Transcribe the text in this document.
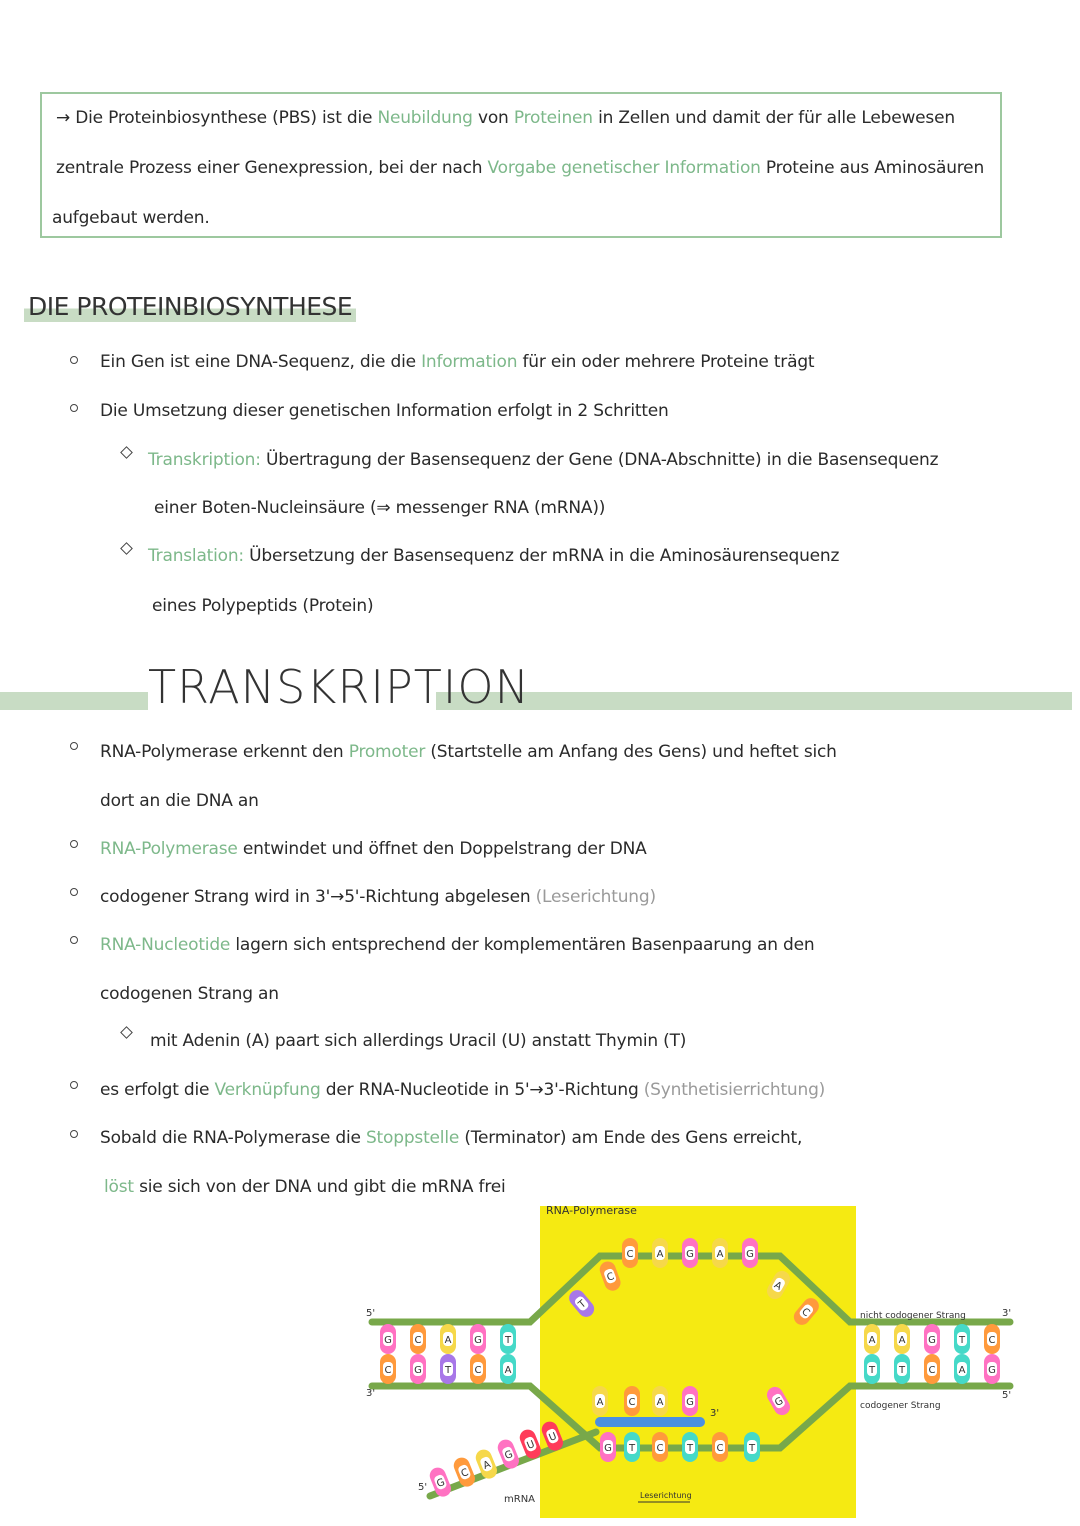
→ Die Proteinbiosynthese (PBS) ist die Neubildung von Proteinen in Zellen und damit der für alle Lebewesen
zentrale Prozess einer Genexpression, bei der nach Vorgabe genetischer Information Proteine aus Aminosäuren
aufgebaut werden.
DIE PROTEINBIOSYNTHESE
Ein Gen ist eine DNA-Sequenz, die die Information für ein oder mehrere Proteine trägt
Die Umsetzung dieser genetischen Information erfolgt in 2 Schritten
Transkription: Übertragung der Basensequenz der Gene (DNA-Abschnitte) in die Basensequenz
einer Boten-Nucleinsäure (⇒ messenger RNA (mRNA))
Translation: Übersetzung der Basensequenz der mRNA in die Aminosäurensequenz
eines Polypeptids (Protein)
TRANSKRIPTION
RNA-Polymerase erkennt den Promoter (Startstelle am Anfang des Gens) und heftet sich
dort an die DNA an
RNA-Polymerase entwindet und öffnet den Doppelstrang der DNA
codogener Strang wird in 3'→5'-Richtung abgelesen (Leserichtung)
RNA-Nucleotide lagern sich entsprechend der komplementären Basenpaarung an den
codogenen Strang an
mit Adenin (A) paart sich allerdings Uracil (U) anstatt Thymin (T)
es erfolgt die Verknüpfung der RNA-Nucleotide in 5'→3'-Richtung (Synthetisierrichtung)
Sobald die RNA-Polymerase die Stoppstelle (Terminator) am Ende des Gens erreicht,
löst sie sich von der DNA und gibt die mRNA frei
RNA-Polymerase
5'
3'
3'
5'
3'
5'
nicht codogener Strang
codogener Strang
mRNA	Leserichtung
G C A G T
C G T C A
T
C
C A G A G
A
C
G T C T C	T
G
A	C A G
G
C
A
G
U
U
A A G T C
T T C A G
